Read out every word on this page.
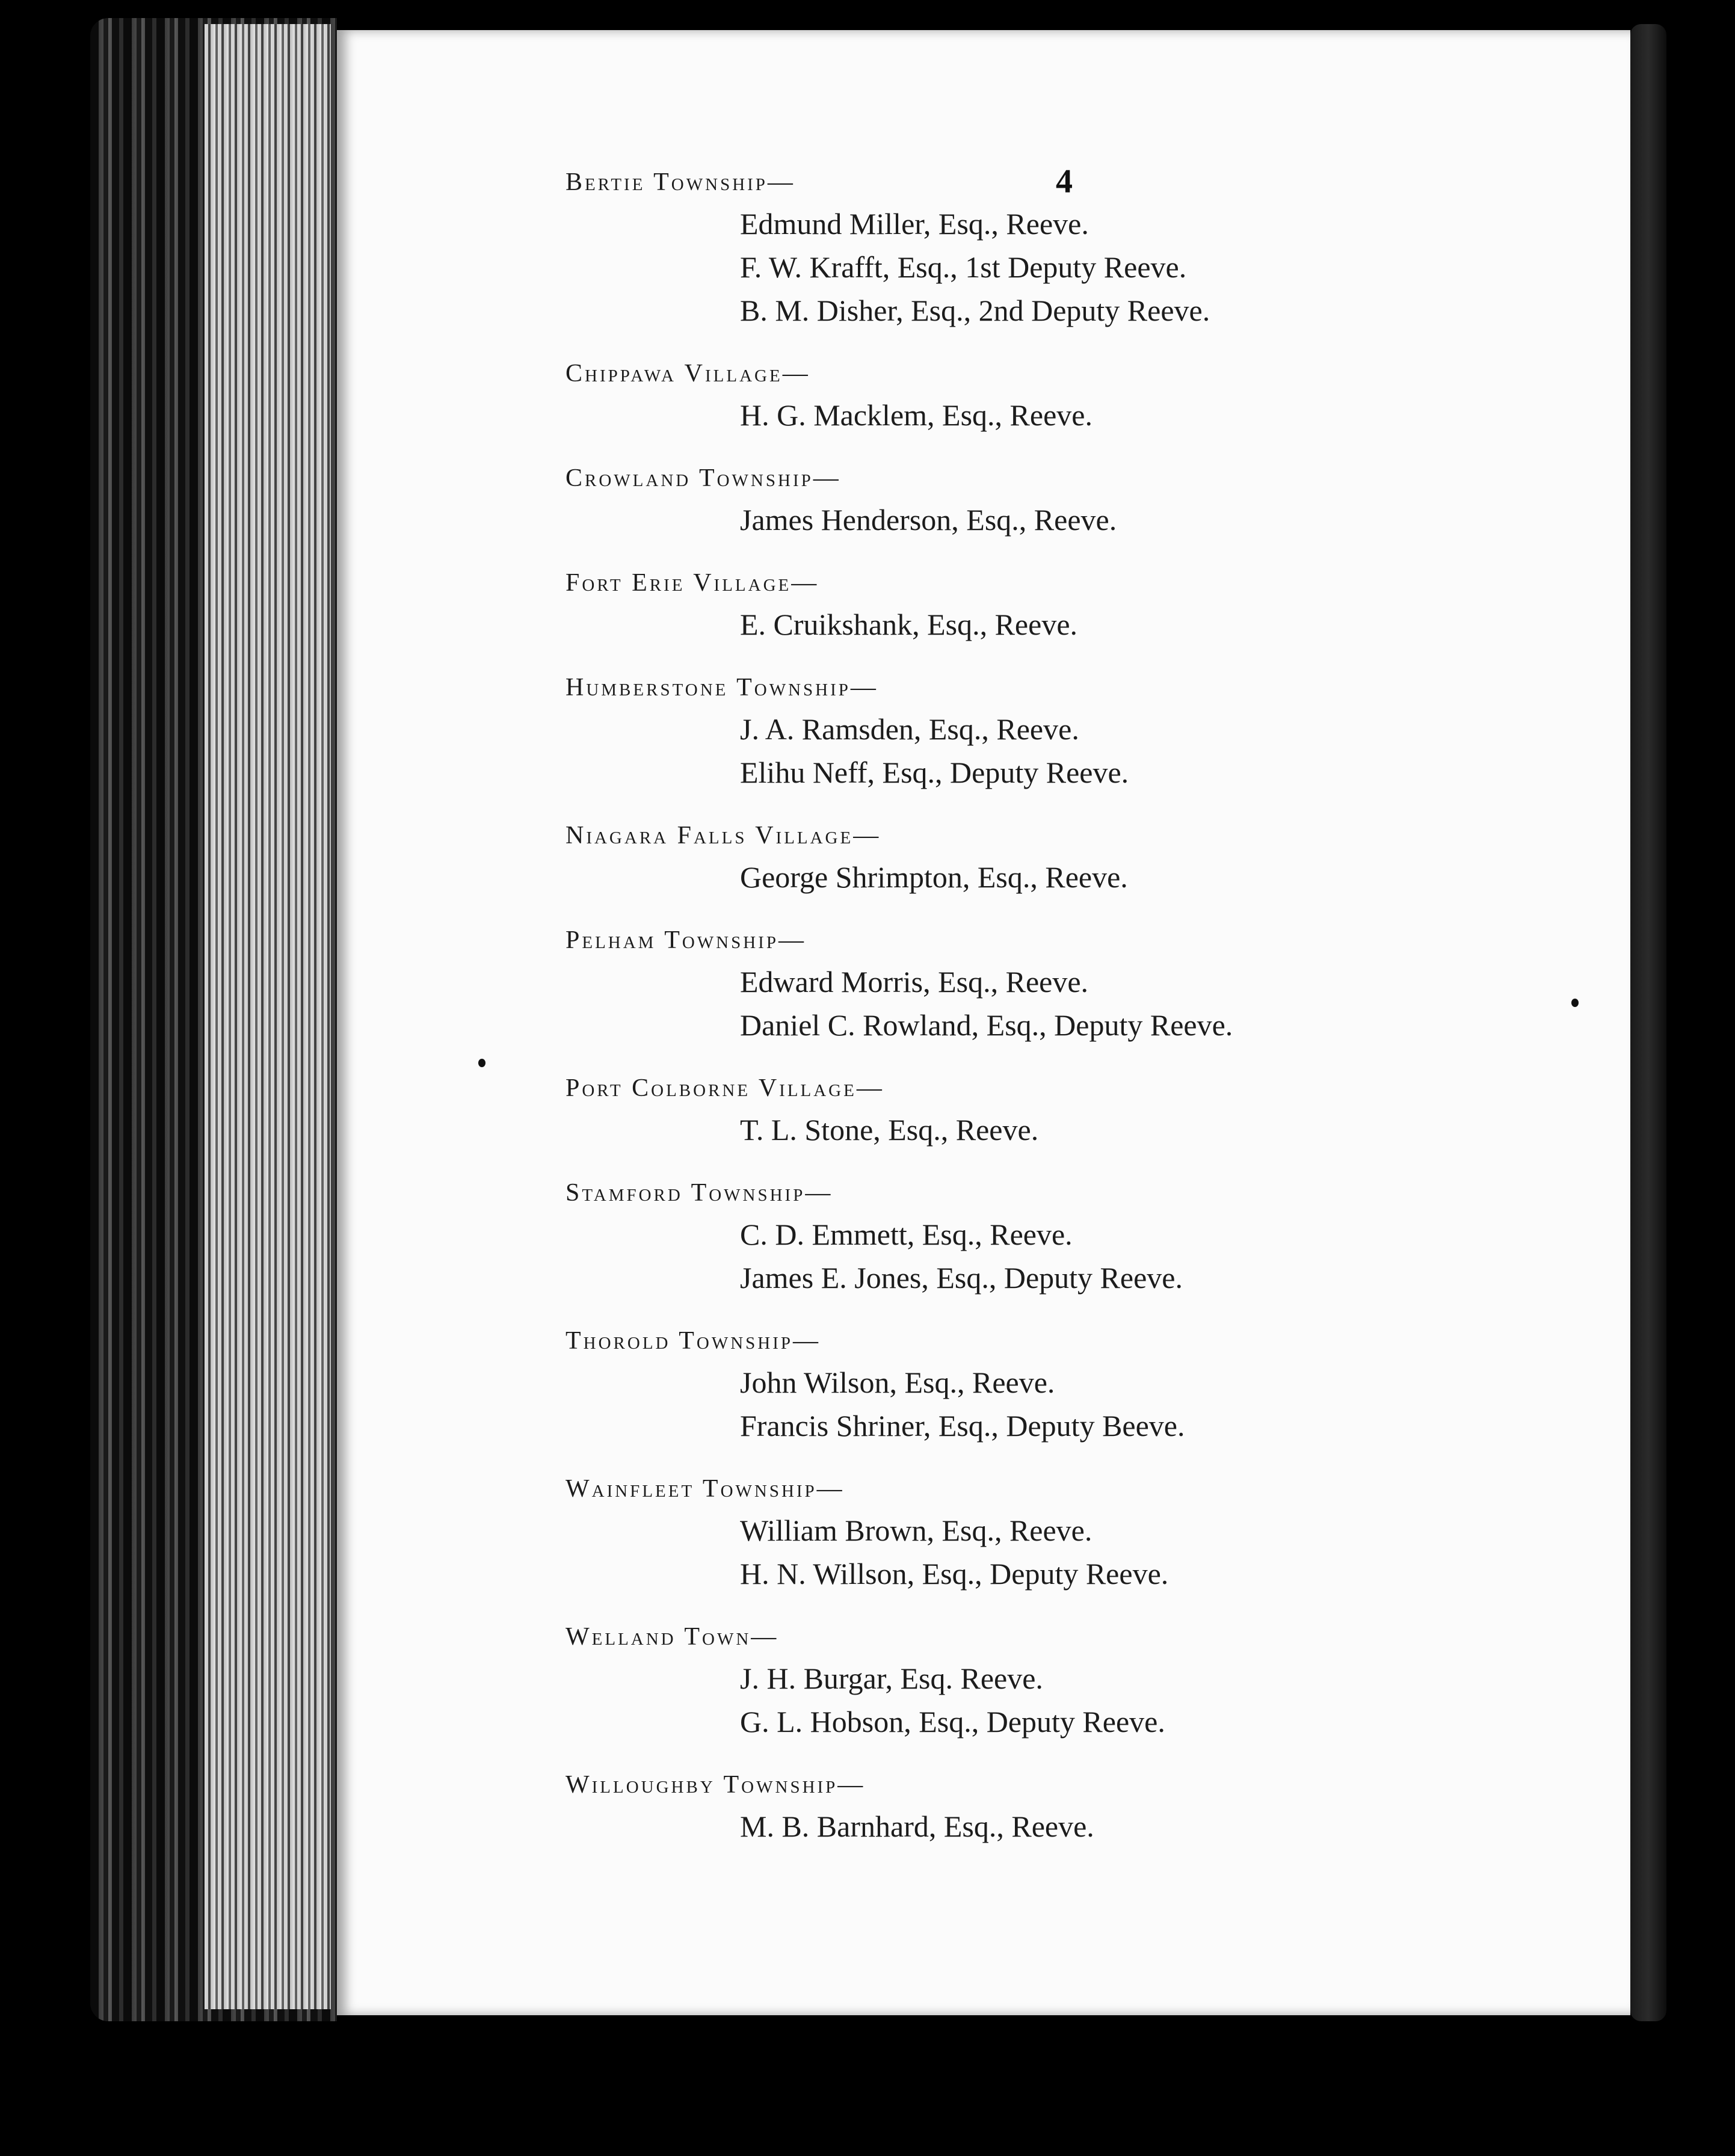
4

Bertie Township—

Edmund Miller, Esq., Reeve.
F. W. Krafft, Esq., 1st Deputy Reeve.
B. M. Disher, Esq., 2nd Deputy Reeve.

Chippawa Village—

H. G. Macklem, Esq., Reeve.

Crowland Township—

James Henderson, Esq., Reeve.

Fort Erie Village—

E. Cruikshank, Esq., Reeve.

Humberstone Township—

J. A. Ramsden, Esq., Reeve.
Elihu Neff, Esq., Deputy Reeve.

Niagara Falls Village—

George Shrimpton, Esq., Reeve.

Pelham Township—

Edward Morris, Esq., Reeve.
Daniel C. Rowland, Esq., Deputy Reeve.

Port Colborne Village—

T. L. Stone, Esq., Reeve.

Stamford Township—

C. D. Emmett, Esq., Reeve.
James E. Jones, Esq., Deputy Reeve.

Thorold Township—

John Wilson, Esq., Reeve.
Francis Shriner, Esq., Deputy Beeve.

Wainfleet Township—

William Brown, Esq., Reeve.
H. N. Willson, Esq., Deputy Reeve.

Welland Town—

J. H. Burgar, Esq. Reeve.
G. L. Hobson, Esq., Deputy Reeve.

Willoughby Township—

M. B. Barnhard, Esq., Reeve.
